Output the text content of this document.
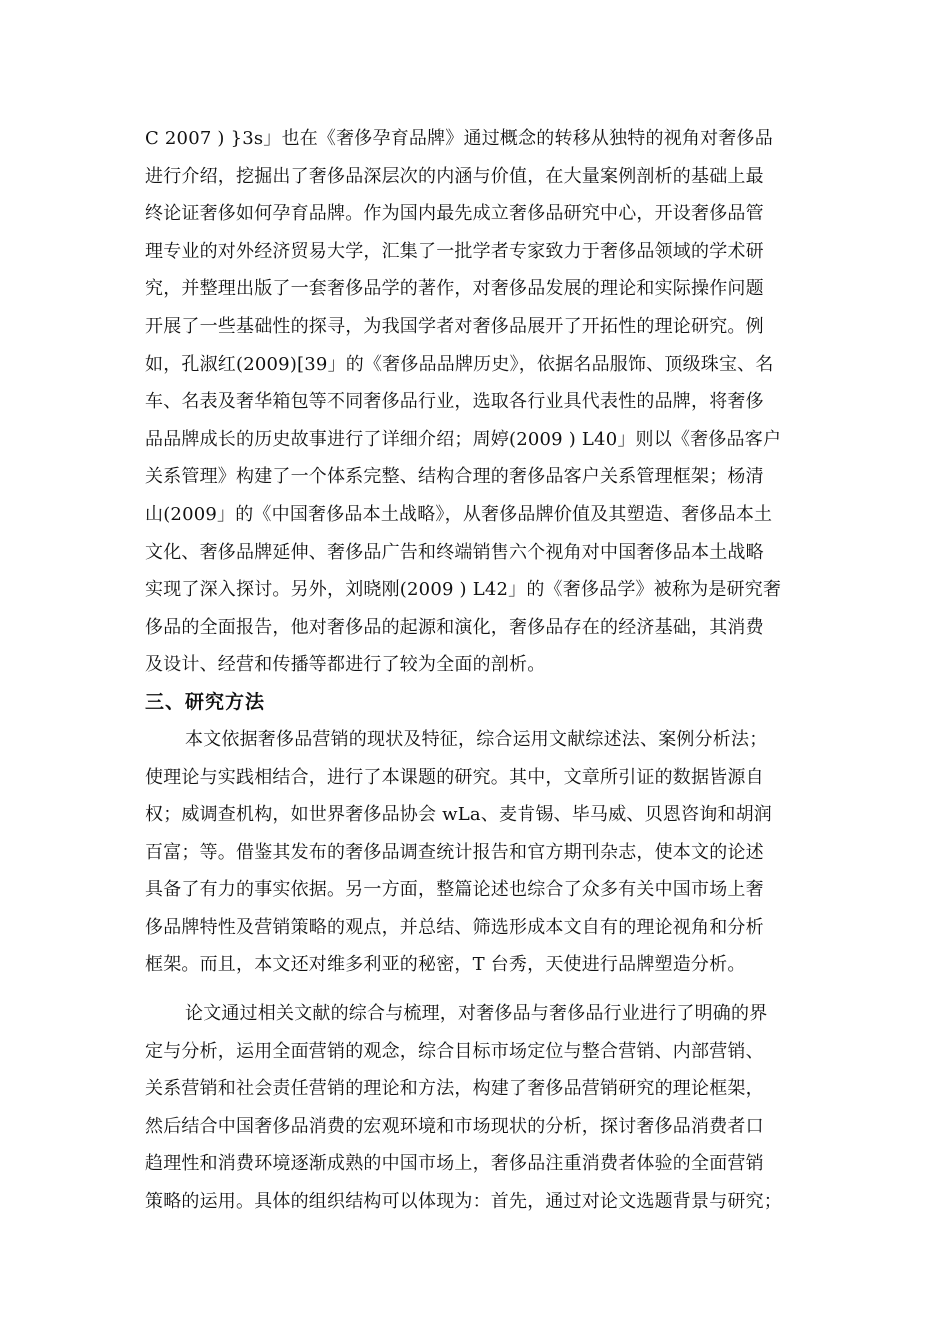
C 2007 ) }3s」也在《奢侈孕育品牌》通过概念的转移从独特的视角对奢侈品
进行介绍，挖掘出了奢侈品深层次的内涵与价值，在大量案例剖析的基础上最
终论证奢侈如何孕育品牌。作为国内最先成立奢侈品研究中心，开设奢侈品管
理专业的对外经济贸易大学，汇集了一批学者专家致力于奢侈品领域的学术研
究，并整理出版了一套奢侈品学的著作，对奢侈品发展的理论和实际操作问题
开展了一些基础性的探寻，为我国学者对奢侈品展开了开拓性的理论研究。例
如，孔淑红(2009)[39」的《奢侈品品牌历史》，依据名品服饰、顶级珠宝、名
车、名表及奢华箱包等不同奢侈品行业，选取各行业具代表性的品牌，将奢侈
品品牌成长的历史故事进行了详细介绍；周婷(2009 ) L40」则以《奢侈品客户
关系管理》构建了一个体系完整、结构合理的奢侈品客户关系管理框架；杨清
山(2009」的《中国奢侈品本土战略》，从奢侈品牌价值及其塑造、奢侈品本土
文化、奢侈品牌延伸、奢侈品广告和终端销售六个视角对中国奢侈品本土战略
实现了深入探讨。另外，刘晓刚(2009 ) L42」的《奢侈品学》被称为是研究奢
侈品的全面报告，他对奢侈品的起源和演化，奢侈品存在的经济基础，其消费
及设计、经营和传播等都进行了较为全面的剖析。

三、研究方法

本文依据奢侈品营销的现状及特征，综合运用文献综述法、案例分析法；
使理论与实践相结合，进行了本课题的研究。其中，文章所引证的数据皆源自
权；威调查机构，如世界奢侈品协会 wLa、麦肯锡、毕马威、贝恩咨询和胡润
百富；等。借鉴其发布的奢侈品调查统计报告和官方期刊杂志，使本文的论述
具备了有力的事实依据。另一方面，整篇论述也综合了众多有关中国市场上奢
侈品牌特性及营销策略的观点，并总结、筛选形成本文自有的理论视角和分析
框架。而且，本文还对维多利亚的秘密，T 台秀，天使进行品牌塑造分析。

论文通过相关文献的综合与梳理，对奢侈品与奢侈品行业进行了明确的界
定与分析，运用全面营销的观念，综合目标市场定位与整合营销、内部营销、
关系营销和社会责任营销的理论和方法，构建了奢侈品营销研究的理论框架，
然后结合中国奢侈品消费的宏观环境和市场现状的分析，探讨奢侈品消费者口
趋理性和消费环境逐渐成熟的中国市场上，奢侈品注重消费者体验的全面营销
策略的运用。具体的组织结构可以体现为：首先，通过对论文选题背景与研究；
